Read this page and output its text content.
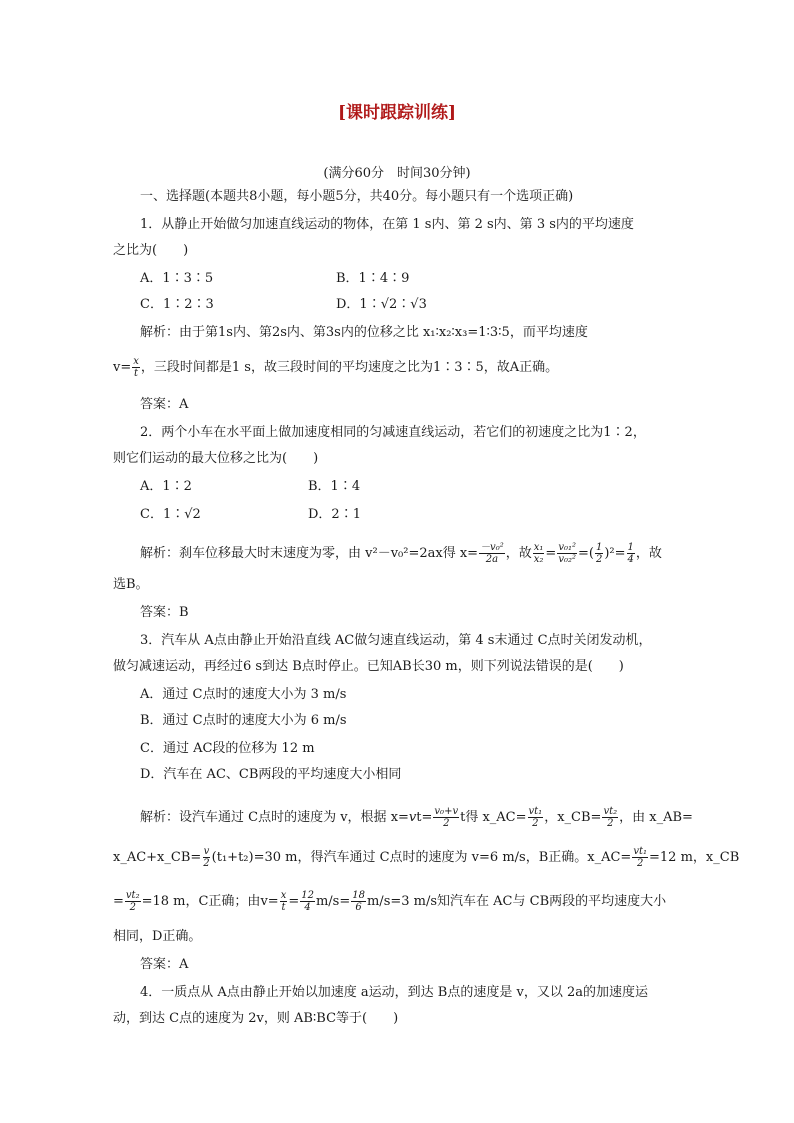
[课时跟踪训练]
(满分60分　时间30分钟)
一、选择题(本题共8小题，每小题5分，共40分。每小题只有一个选项正确)
1．从静止开始做匀加速直线运动的物体，在第 1 s内、第 2 s内、第 3 s内的平均速度
之比为(　　)
A．1∶3∶5	B．1∶4∶9
C．1∶2∶3	D．1∶√2∶√3
解析：由于第1s内、第2s内、第3s内的位移之比 x₁∶x₂∶x₃=1∶3∶5，而平均速度
$v= \frac{x}{t}$ ，三段时间都是1 s，故三段时间的平均速度之比为1∶3∶5，故A正确。
答案：A
2．两个小车在水平面上做加速度相同的匀减速直线运动，若它们的初速度之比为1∶2，
则它们运动的最大位移之比为(　　)
A．1∶2	B．1∶4
C．1∶√2	D．2∶1
解析：刹车位移最大时末速度为零，由 v²－v₀²=2ax得 $x= \frac{\text{－v₀²}}{2a}$ ，故 $\frac{\text{x₁}}{\text{x₂}} = \frac{\text{v₀₁²}}{\text{v₀₂²}}$ =( $\frac{1}{2} )^2= \frac{1}{4}$ ，故
选B。
答案：B
3．汽车从 A点由静止开始沿直线 AC做匀速直线运动，第 4 s末通过 C点时关闭发动机，
做匀减速运动，再经过6 s到达 B点时停止。已知AB长30 m，则下列说法错误的是(　　)
A．通过 C点时的速度大小为 3 m/s
B．通过 C点时的速度大小为 6 m/s
C．通过 AC段的位移为 12 m
D．汽车在 AC、CB两段的平均速度大小相同
解析：设汽车通过 C点时的速度为 v，根据 $x=vt= \frac{\text{v₀+v}}{2}$ t得 x_AC= $\frac{\text{vt₁}}{2}$ ，x_CB= $\frac{\text{vt₂}}{2}$ ，由 x_AB=
x_AC+x_CB= $\frac{v}{2} (t_1+t_2)=30$ m，得汽车通过 C点时的速度为 v=6 m/s，B正确。x_AC= $\frac{\text{vt₁}}{2} =12$ m，x_CB
= $\frac{\text{vt₂}}{2} =18$ m，C正确；由$v= \frac{x}{t} = \frac{12}{4} m/s= \frac{18}{6} m/s=3$ m/s知汽车在 AC与 CB两段的平均速度大小
相同，D正确。
答案：A
4．一质点从 A点由静止开始以加速度 a运动，到达 B点的速度是 v，又以 2a的加速度运
动，到达 C点的速度为 2v，则 AB∶BC等于(　　)
